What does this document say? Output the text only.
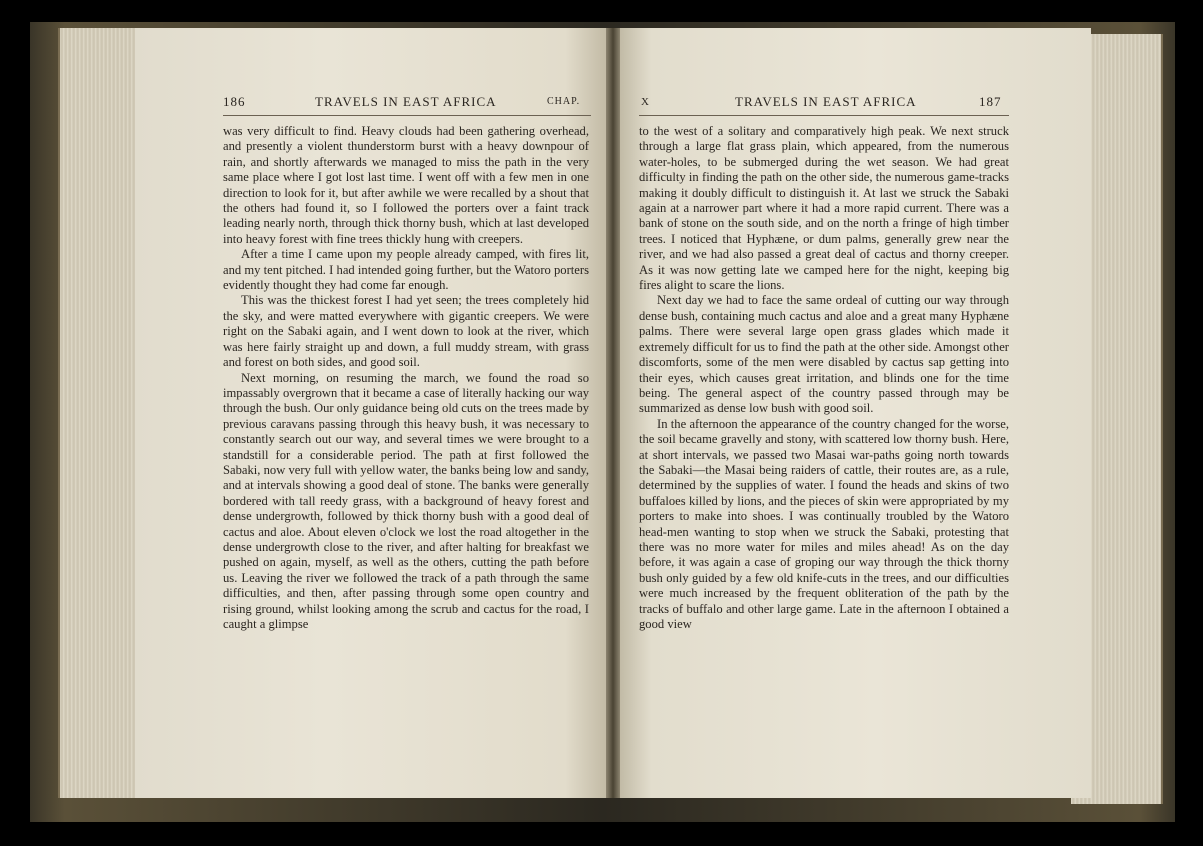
186	TRAVELS IN EAST AFRICA	CHAP.

was very difficult to find. Heavy clouds had been gathering overhead, and presently a violent thunderstorm burst with a heavy downpour of rain, and shortly afterwards we managed to miss the path in the very same place where I got lost last time. I went off with a few men in one direction to look for it, but after awhile we were recalled by a shout that the others had found it, so I followed the porters over a faint track leading nearly north, through thick thorny bush, which at last developed into heavy forest with fine trees thickly hung with creepers.

After a time I came upon my people already camped, with fires lit, and my tent pitched. I had intended going further, but the Watoro porters evidently thought they had come far enough.

This was the thickest forest I had yet seen; the trees completely hid the sky, and were matted everywhere with gigantic creepers. We were right on the Sabaki again, and I went down to look at the river, which was here fairly straight up and down, a full muddy stream, with grass and forest on both sides, and good soil.

Next morning, on resuming the march, we found the road so impassably overgrown that it became a case of literally hacking our way through the bush. Our only guidance being old cuts on the trees made by previous caravans passing through this heavy bush, it was necessary to constantly search out our way, and several times we were brought to a standstill for a considerable period. The path at first followed the Sabaki, now very full with yellow water, the banks being low and sandy, and at intervals showing a good deal of stone. The banks were generally bordered with tall reedy grass, with a background of heavy forest and dense undergrowth, followed by thick thorny bush with a good deal of cactus and aloe. About eleven o'clock we lost the road altogether in the dense undergrowth close to the river, and after halting for breakfast we pushed on again, myself, as well as the others, cutting the path before us. Leaving the river we followed the track of a path through the same difficulties, and then, after passing through some open country and rising ground, whilst looking among the scrub and cactus for the road, I caught a glimpse

X	TRAVELS IN EAST AFRICA	187

to the west of a solitary and comparatively high peak. We next struck through a large flat grass plain, which appeared, from the numerous water-holes, to be submerged during the wet season. We had great difficulty in finding the path on the other side, the numerous game-tracks making it doubly difficult to distinguish it. At last we struck the Sabaki again at a narrower part where it had a more rapid current. There was a bank of stone on the south side, and on the north a fringe of high timber trees. I noticed that Hyphæne, or dum palms, generally grew near the river, and we had also passed a great deal of cactus and thorny creeper. As it was now getting late we camped here for the night, keeping big fires alight to scare the lions.

Next day we had to face the same ordeal of cutting our way through dense bush, containing much cactus and aloe and a great many Hyphæne palms. There were several large open grass glades which made it extremely difficult for us to find the path at the other side. Amongst other discomforts, some of the men were disabled by cactus sap getting into their eyes, which causes great irritation, and blinds one for the time being. The general aspect of the country passed through may be summarized as dense low bush with good soil.

In the afternoon the appearance of the country changed for the worse, the soil became gravelly and stony, with scattered low thorny bush. Here, at short intervals, we passed two Masai war-paths going north towards the Sabaki—the Masai being raiders of cattle, their routes are, as a rule, determined by the supplies of water. I found the heads and skins of two buffaloes killed by lions, and the pieces of skin were appropriated by my porters to make into shoes. I was continually troubled by the Watoro head-men wanting to stop when we struck the Sabaki, protesting that there was no more water for miles and miles ahead! As on the day before, it was again a case of groping our way through the thick thorny bush only guided by a few old knife-cuts in the trees, and our difficulties were much increased by the frequent obliteration of the path by the tracks of buffalo and other large game. Late in the afternoon I obtained a good view
